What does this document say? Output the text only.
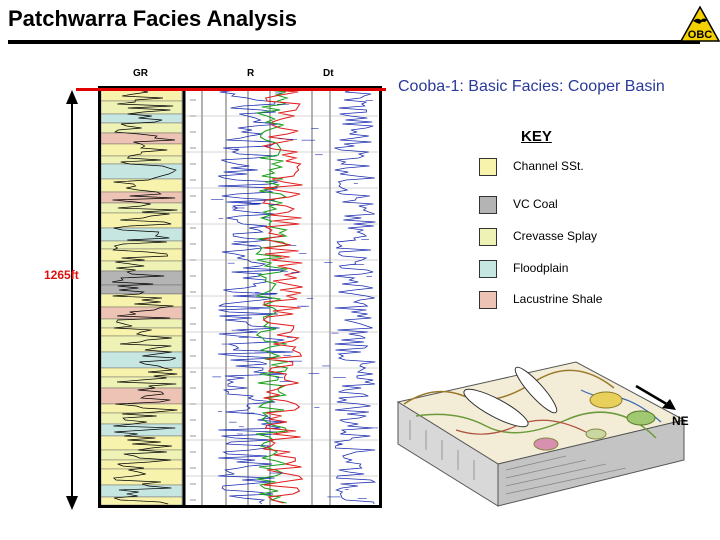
Patchwarra Facies Analysis
OBC
Cooba-1: Basic Facies: Cooper Basin
GR	R	Dt
1265ft
KEY
Channel SSt.
VC Coal
Crevasse Splay
Floodplain
Lacustrine Shale
NE
